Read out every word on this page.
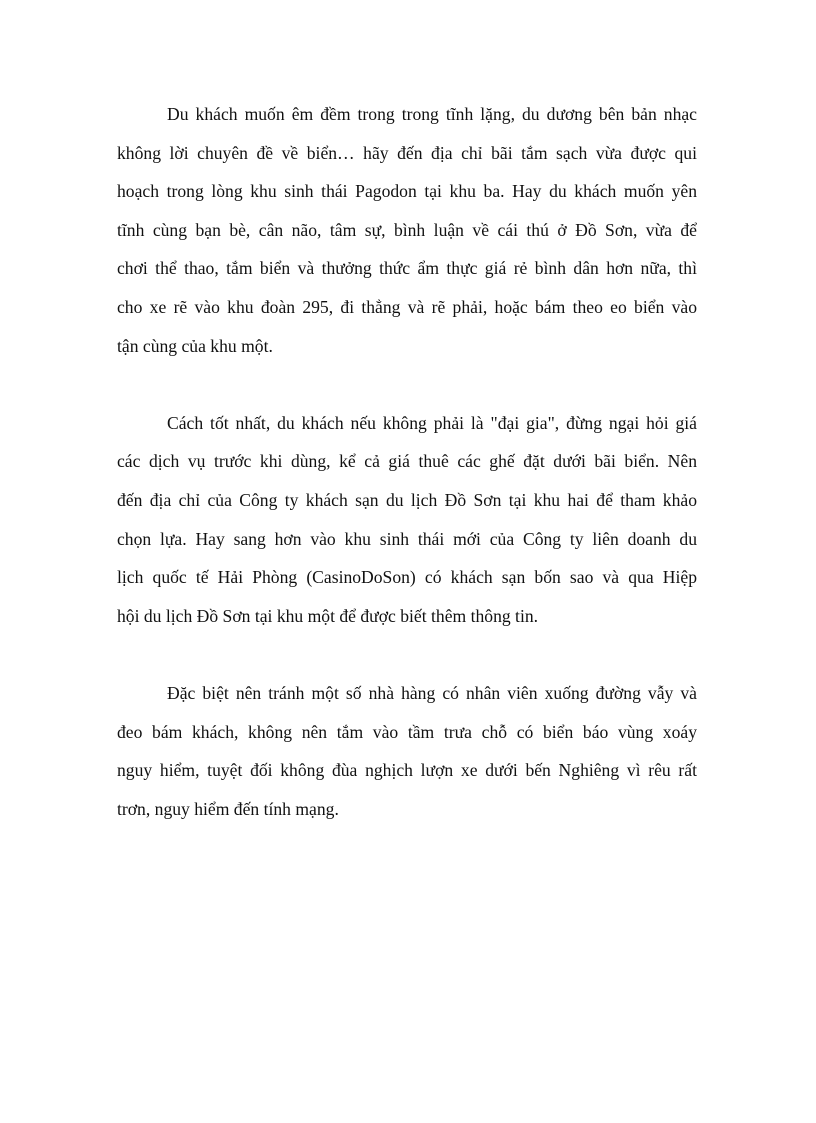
Du khách muốn êm đềm trong trong tĩnh lặng, du dương bên bản nhạc
không lời chuyên đề về biển… hãy đến địa chỉ bãi tắm sạch vừa được qui
hoạch trong lòng khu sinh thái Pagodon tại khu ba. Hay du khách muốn yên
tĩnh cùng bạn bè, cân não, tâm sự, bình luận về cái thú ở Đồ Sơn, vừa để
chơi thể thao, tắm biển và thưởng thức ẩm thực giá rẻ bình dân hơn nữa, thì
cho xe rẽ vào khu đoàn 295, đi thẳng và rẽ phải, hoặc bám theo eo biển vào
tận cùng của khu một.
Cách tốt nhất, du khách nếu không phải là "đại gia", đừng ngại hỏi giá
các dịch vụ trước khi dùng, kể cả giá thuê các ghế đặt dưới bãi biển. Nên
đến địa chỉ của Công ty khách sạn du lịch Đồ Sơn tại khu hai để tham khảo
chọn lựa. Hay sang hơn vào khu sinh thái mới của Công ty liên doanh du
lịch quốc tế Hải Phòng (CasinoDoSon) có khách sạn bốn sao và qua Hiệp
hội du lịch Đồ Sơn tại khu một để được biết thêm thông tin.
Đặc biệt nên tránh một số nhà hàng có nhân viên xuống đường vẫy và
đeo bám khách, không nên tắm vào tầm trưa chỗ có biển báo vùng xoáy
nguy hiểm, tuyệt đối không đùa nghịch lượn xe dưới bến Nghiêng vì rêu rất
trơn, nguy hiểm đến tính mạng.
